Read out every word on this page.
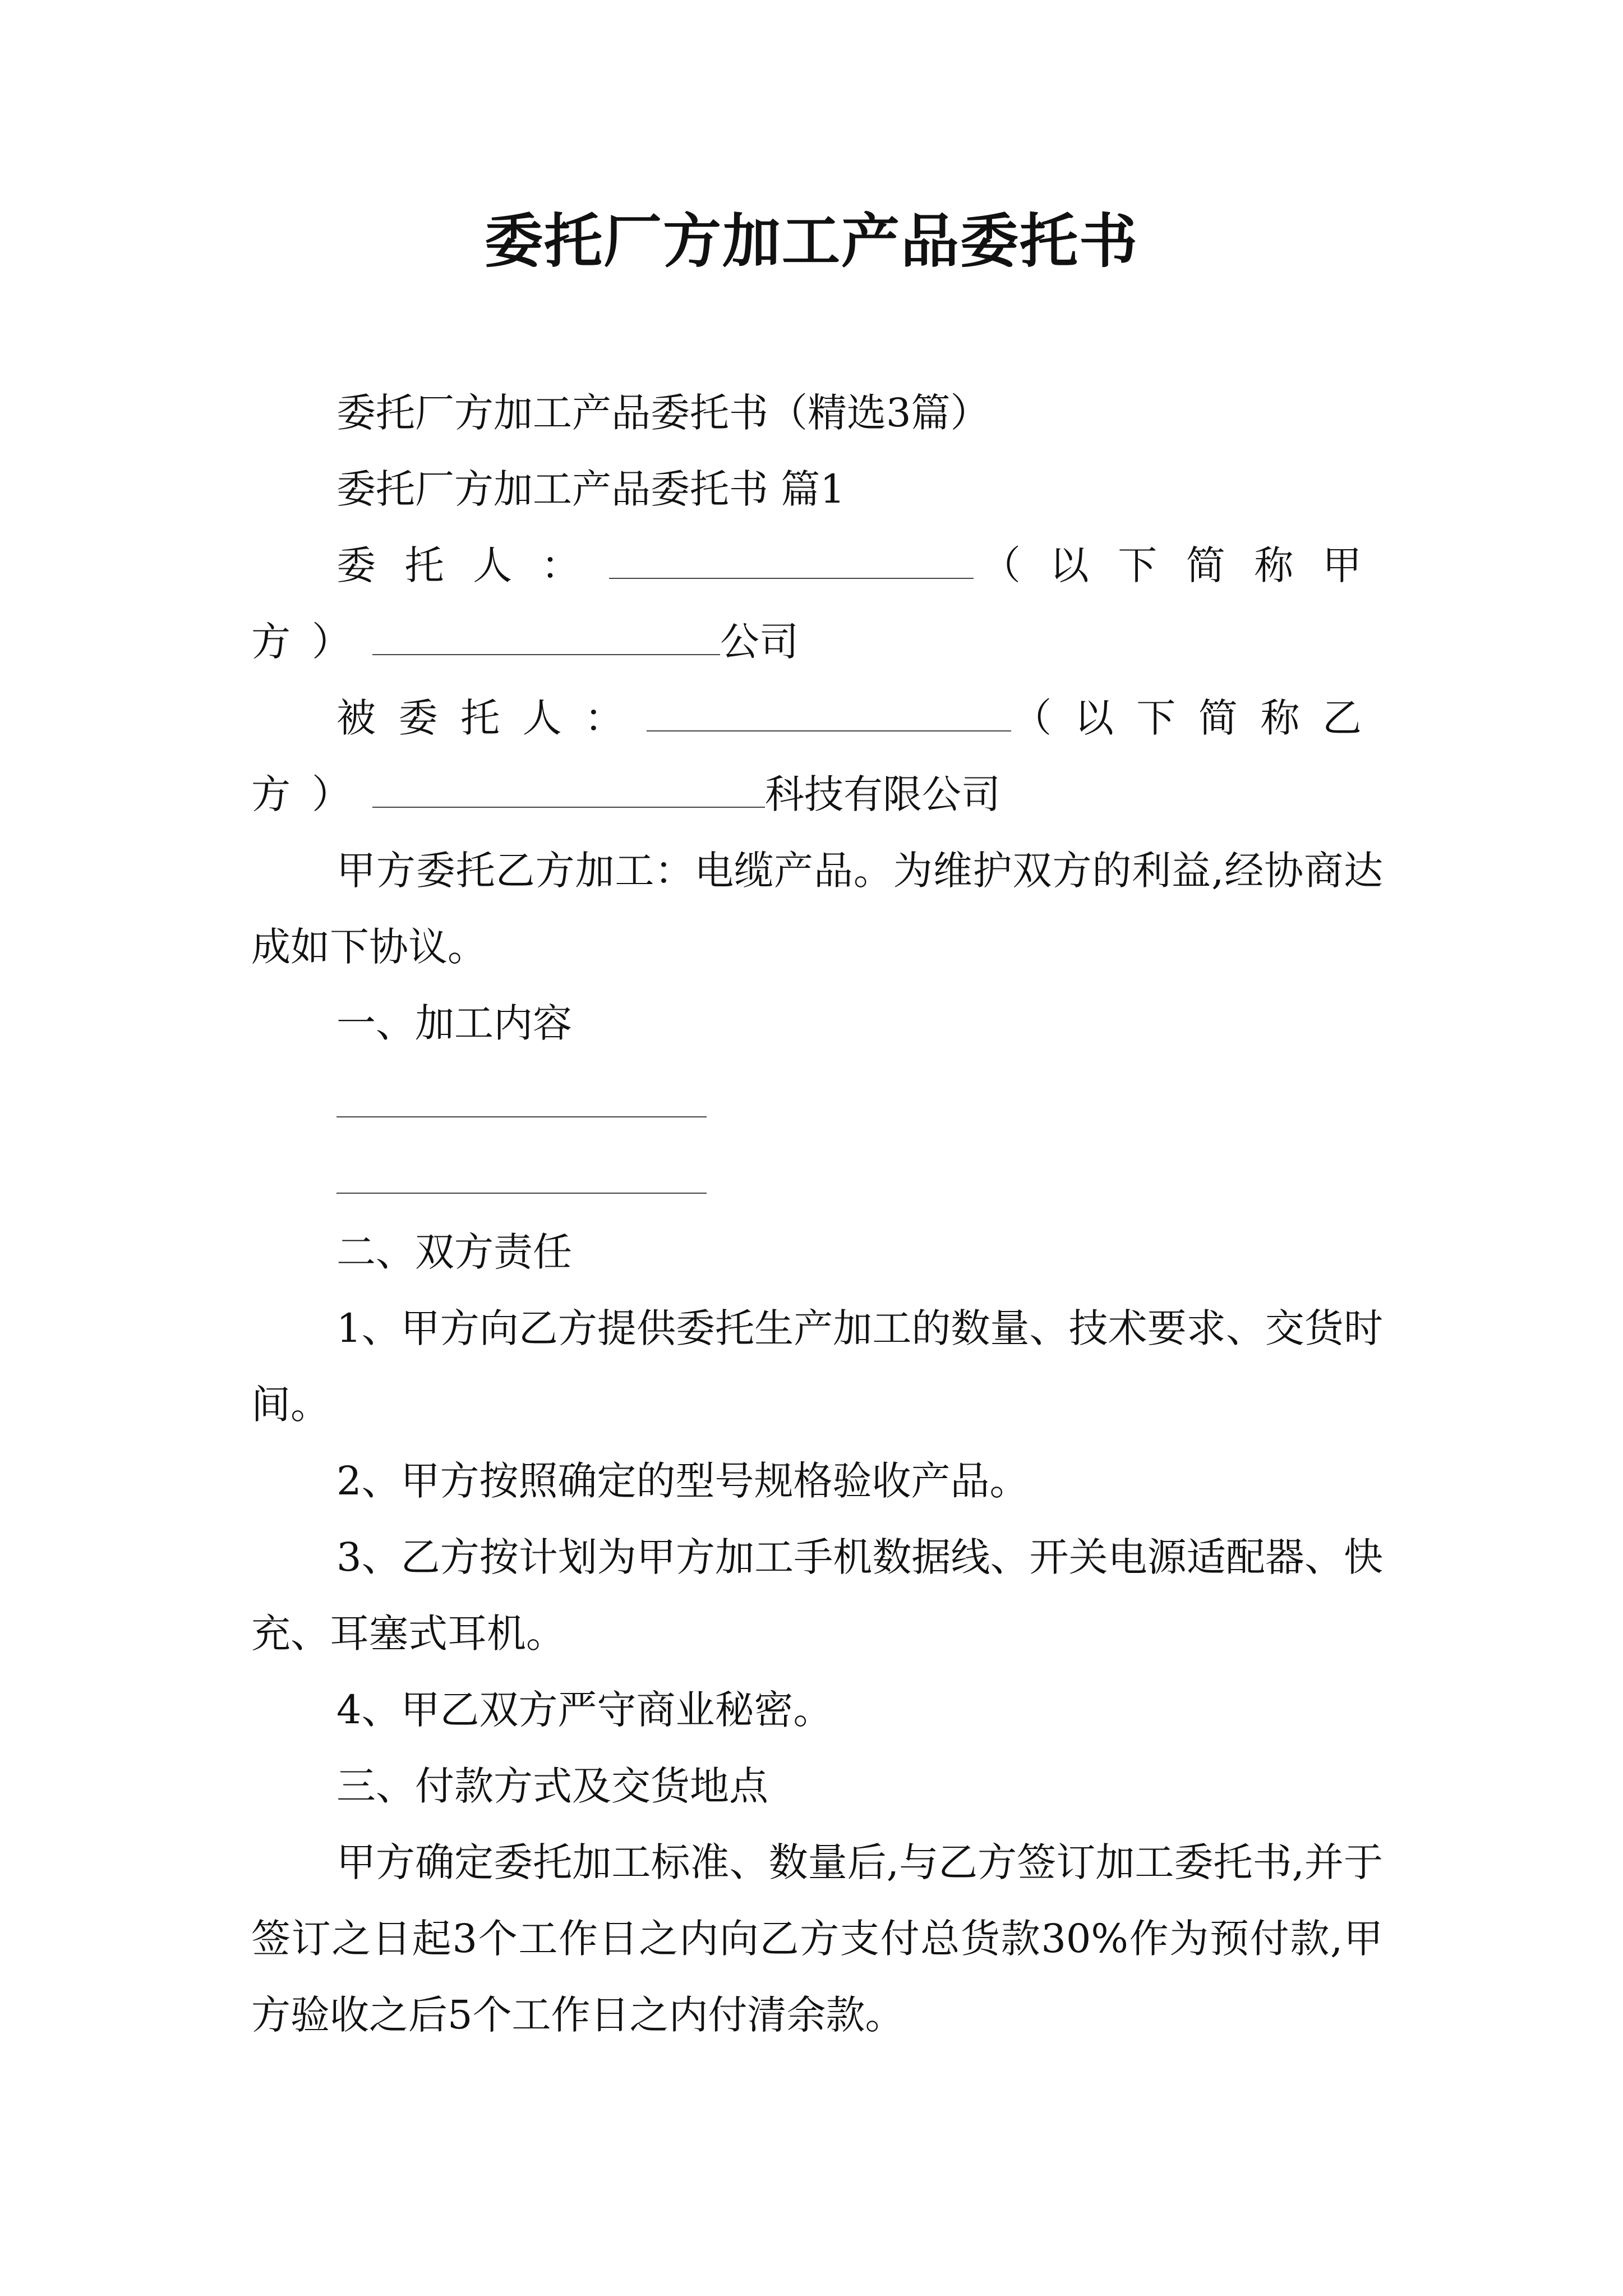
委托厂方加工产品委托书

委托厂方加工产品委托书（精选3篇）

委托厂方加工产品委托书 篇1

委托人：	（以下简称甲方）	公司

被委托人：	（以下简称乙方）	科技有限公司

甲方委托乙方加工：电缆产品。为维护双方的利益,经协商达成如下协议。

一、加工内容

二、双方责任

1、甲方向乙方提供委托生产加工的数量、技术要求、交货时间。

2、甲方按照确定的型号规格验收产品。

3、乙方按计划为甲方加工手机数据线、开关电源适配器、快充、耳塞式耳机。

4、甲乙双方严守商业秘密。

三、付款方式及交货地点

甲方确定委托加工标准、数量后,与乙方签订加工委托书,并于签订之日起3个工作日之内向乙方支付总货款30%作为预付款,甲方验收之后5个工作日之内付清余款。
